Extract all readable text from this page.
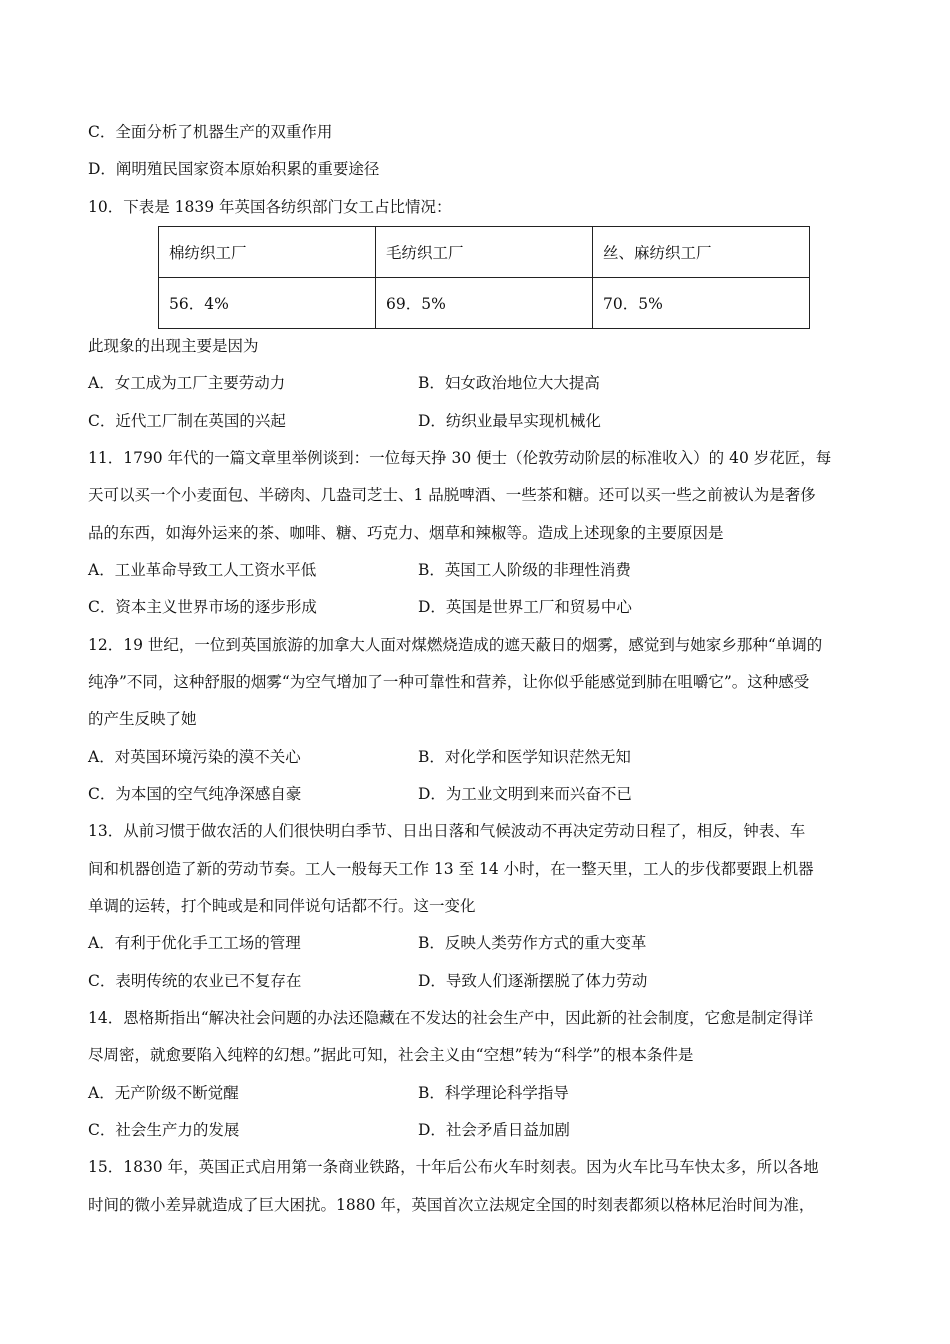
C．全面分析了机器生产的双重作用
D．阐明殖民国家资本原始积累的重要途径
10．下表是 1839 年英国各纺织部门女工占比情况：
棉纺织工厂	毛纺织工厂	丝、麻纺织工厂
56．4%	69．5%	70．5%
此现象的出现主要是因为
A．女工成为工厂主要劳动力	B．妇女政治地位大大提高
C．近代工厂制在英国的兴起	D．纺织业最早实现机械化
11．1790 年代的一篇文章里举例谈到：一位每天挣 30 便士（伦敦劳动阶层的标准收入）的 40 岁花匠，每
天可以买一个小麦面包、半磅肉、几盎司芝士、1 品脱啤酒、一些茶和糖。还可以买一些之前被认为是奢侈
品的东西，如海外运来的茶、咖啡、糖、巧克力、烟草和辣椒等。造成上述现象的主要原因是
A．工业革命导致工人工资水平低	B．英国工人阶级的非理性消费
C．资本主义世界市场的逐步形成	D．英国是世界工厂和贸易中心
12．19 世纪，一位到英国旅游的加拿大人面对煤燃烧造成的遮天蔽日的烟雾，感觉到与她家乡那种“单调的
纯净”不同，这种舒服的烟雾“为空气增加了一种可靠性和营养，让你似乎能感觉到肺在咀嚼它”。这种感受
的产生反映了她
A．对英国环境污染的漠不关心	B．对化学和医学知识茫然无知
C．为本国的空气纯净深感自豪	D．为工业文明到来而兴奋不已
13．从前习惯于做农活的人们很快明白季节、日出日落和气候波动不再决定劳动日程了，相反，钟表、车
间和机器创造了新的劳动节奏。工人一般每天工作 13 至 14 小时，在一整天里，工人的步伐都要跟上机器
单调的运转，打个盹或是和同伴说句话都不行。这一变化
A．有利于优化手工工场的管理	B．反映人类劳作方式的重大变革
C．表明传统的农业已不复存在	D．导致人们逐渐摆脱了体力劳动
14．恩格斯指出“解决社会问题的办法还隐藏在不发达的社会生产中，因此新的社会制度，它愈是制定得详
尽周密，就愈要陷入纯粹的幻想。”据此可知，社会主义由“空想”转为“科学”的根本条件是
A．无产阶级不断觉醒	B．科学理论科学指导
C．社会生产力的发展	D．社会矛盾日益加剧
15．1830 年，英国正式启用第一条商业铁路，十年后公布火车时刻表。因为火车比马车快太多，所以各地
时间的微小差异就造成了巨大困扰。1880 年，英国首次立法规定全国的时刻表都须以格林尼治时间为准，
